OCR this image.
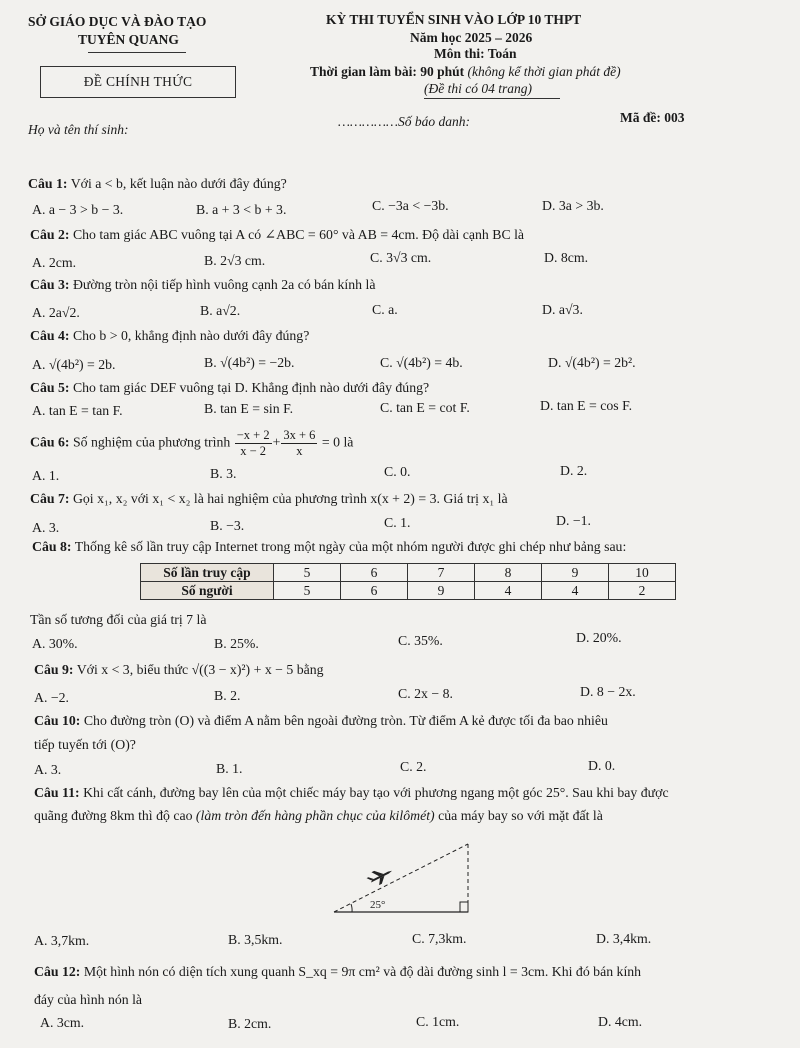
SỞ GIÁO DỤC VÀ ĐÀO TẠO
TUYÊN QUANG
ĐỀ CHÍNH THỨC
KỲ THI TUYỂN SINH VÀO LỚP 10 THPT
Năm học 2025 – 2026
Môn thi: Toán
Thời gian làm bài: 90 phút (không kể thời gian phát đề)
(Đề thi có 04 trang)
Họ và tên thí sinh:
……………Số báo danh:	Mã đề: 003
Câu 1: Với a < b, kết luận nào dưới đây đúng?
A. a − 3 > b − 3.	B. a + 3 < b + 3.	C. −3a < −3b.	D. 3a > 3b.
Câu 2: Cho tam giác ABC vuông tại A có ∠ABC = 60° và AB = 4cm. Độ dài cạnh BC là
A. 2cm.	B. 2√3 cm.	C. 3√3 cm.	D. 8cm.
Câu 3: Đường tròn nội tiếp hình vuông cạnh 2a có bán kính là
A. 2a√2.	B. a√2.	C. a.	D. a√3.
Câu 4: Cho b > 0, khẳng định nào dưới đây đúng?
A. √(4b²) = 2b.	B. √(4b²) = −2b.	C. √(4b²) = 4b.	D. √(4b²) = 2b².
Câu 5: Cho tam giác DEF vuông tại D. Khẳng định nào dưới đây đúng?
A. tan E = tan F.	B. tan E = sin F.	C. tan E = cot F.	D. tan E = cos F.
Câu 6: Số nghiệm của phương trình $\frac{-x + 2}{x - 2} + \frac{3x + 6}{x} = 0$ là
A. 1.	B. 3.	C. 0.	D. 2.
Câu 7: Gọi x₁, x₂ với x₁ < x₂ là hai nghiệm của phương trình x(x + 2) = 3. Giá trị x₁ là
A. 3.	B. −3.	C. 1.	D. −1.
Câu 8: Thống kê số lần truy cập Internet trong một ngày của một nhóm người được ghi chép như bảng sau:
Số lần truy cập	5	6	7	8	9	10
Số người	5	6	9	4	4	2
Tần số tương đối của giá trị 7 là
A. 30%.	B. 25%.	C. 35%.	D. 20%.
Câu 9: Với x < 3, biểu thức √((3 − x)²) + x − 5 bằng
A. −2.	B. 2.	C. 2x − 8.	D. 8 − 2x.
Câu 10: Cho đường tròn (O) và điểm A nằm bên ngoài đường tròn. Từ điểm A kẻ được tối đa bao nhiêu
tiếp tuyến tới (O)?
A. 3.	B. 1.	C. 2.	D. 0.
Câu 11: Khi cất cánh, đường bay lên của một chiếc máy bay tạo với phương ngang một góc 25°. Sau khi bay được
quãng đường 8km thì độ cao (làm tròn đến hàng phần chục của kilômét) của máy bay so với mặt đất là
25°
A. 3,7km.	B. 3,5km.	C. 7,3km.	D. 3,4km.
Câu 12: Một hình nón có diện tích xung quanh S_xq = 9π cm² và độ dài đường sinh l = 3cm. Khi đó bán kính
đáy của hình nón là
A. 3cm.	B. 2cm.	C. 1cm.	D. 4cm.
